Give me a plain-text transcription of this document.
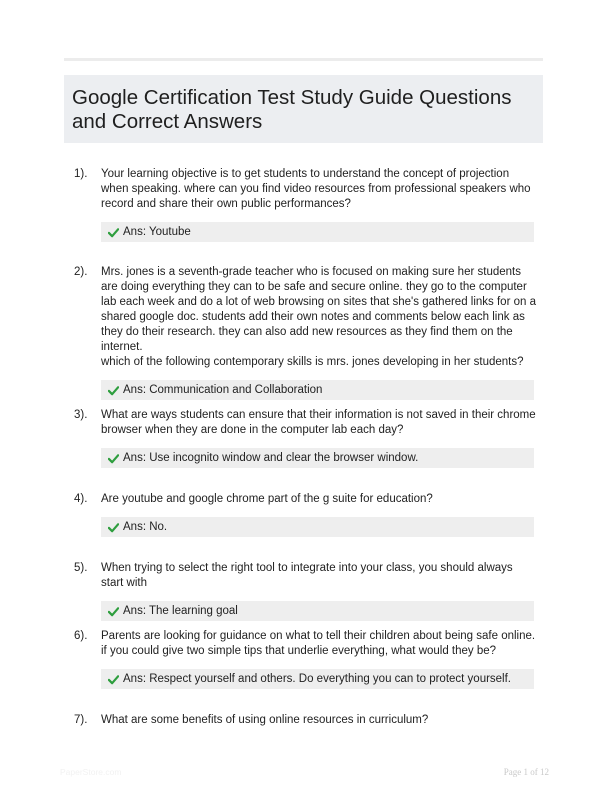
Google Certification Test Study Guide Questions and Correct Answers
1).	Your learning objective is to get students to understand the concept of projection when speaking. where can you find video resources from professional speakers who record and share their own public performances?
Ans: Youtube
2).	Mrs. jones is a seventh-grade teacher who is focused on making sure her students are doing everything they can to be safe and secure online. they go to the computer lab each week and do a lot of web browsing on sites that she's gathered links for on a shared google doc. students add their own notes and comments below each link as they do their research. they can also add new resources as they find them on the internet.
which of the following contemporary skills is mrs. jones developing in her students?
Ans: Communication and Collaboration
3).	What are ways students can ensure that their information is not saved in their chrome browser when they are done in the computer lab each day?
Ans: Use incognito window and clear the browser window.
4).	Are youtube and google chrome part of the g suite for education?
Ans: No.
5).	When trying to select the right tool to integrate into your class, you should always start with
Ans: The learning goal
6).	Parents are looking for guidance on what to tell their children about being safe online. if you could give two simple tips that underlie everything, what would they be?
Ans: Respect yourself and others. Do everything you can to protect yourself.
7).	What are some benefits of using online resources in curriculum?
PaperStore.com	Page 1 of 12
